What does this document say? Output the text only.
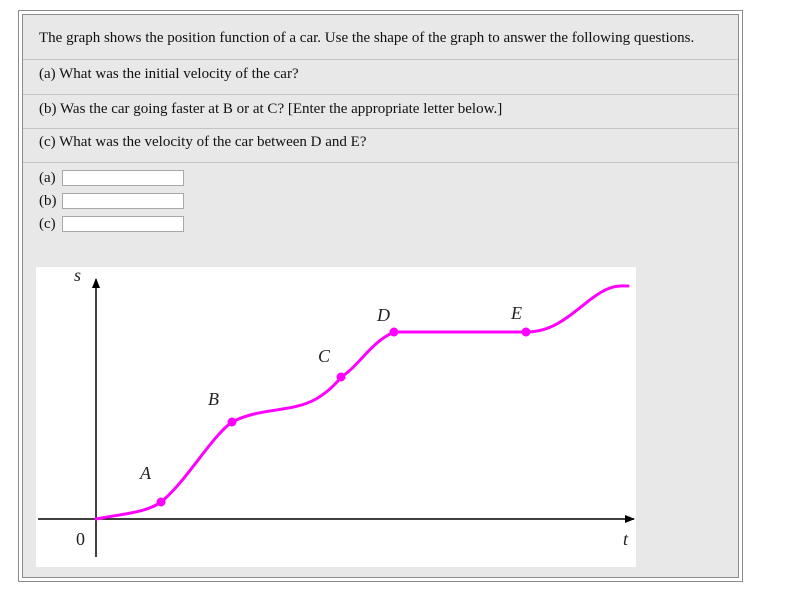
The graph shows the position function of a car. Use the shape of the graph to answer the following questions.
(a) What was the initial velocity of the car?
(b) Was the car going faster at B or at C? [Enter the appropriate letter below.]
(c) What was the velocity of the car between D and E?
(a)
(b)
(c)
s
t
0
A
B
C
D	E
